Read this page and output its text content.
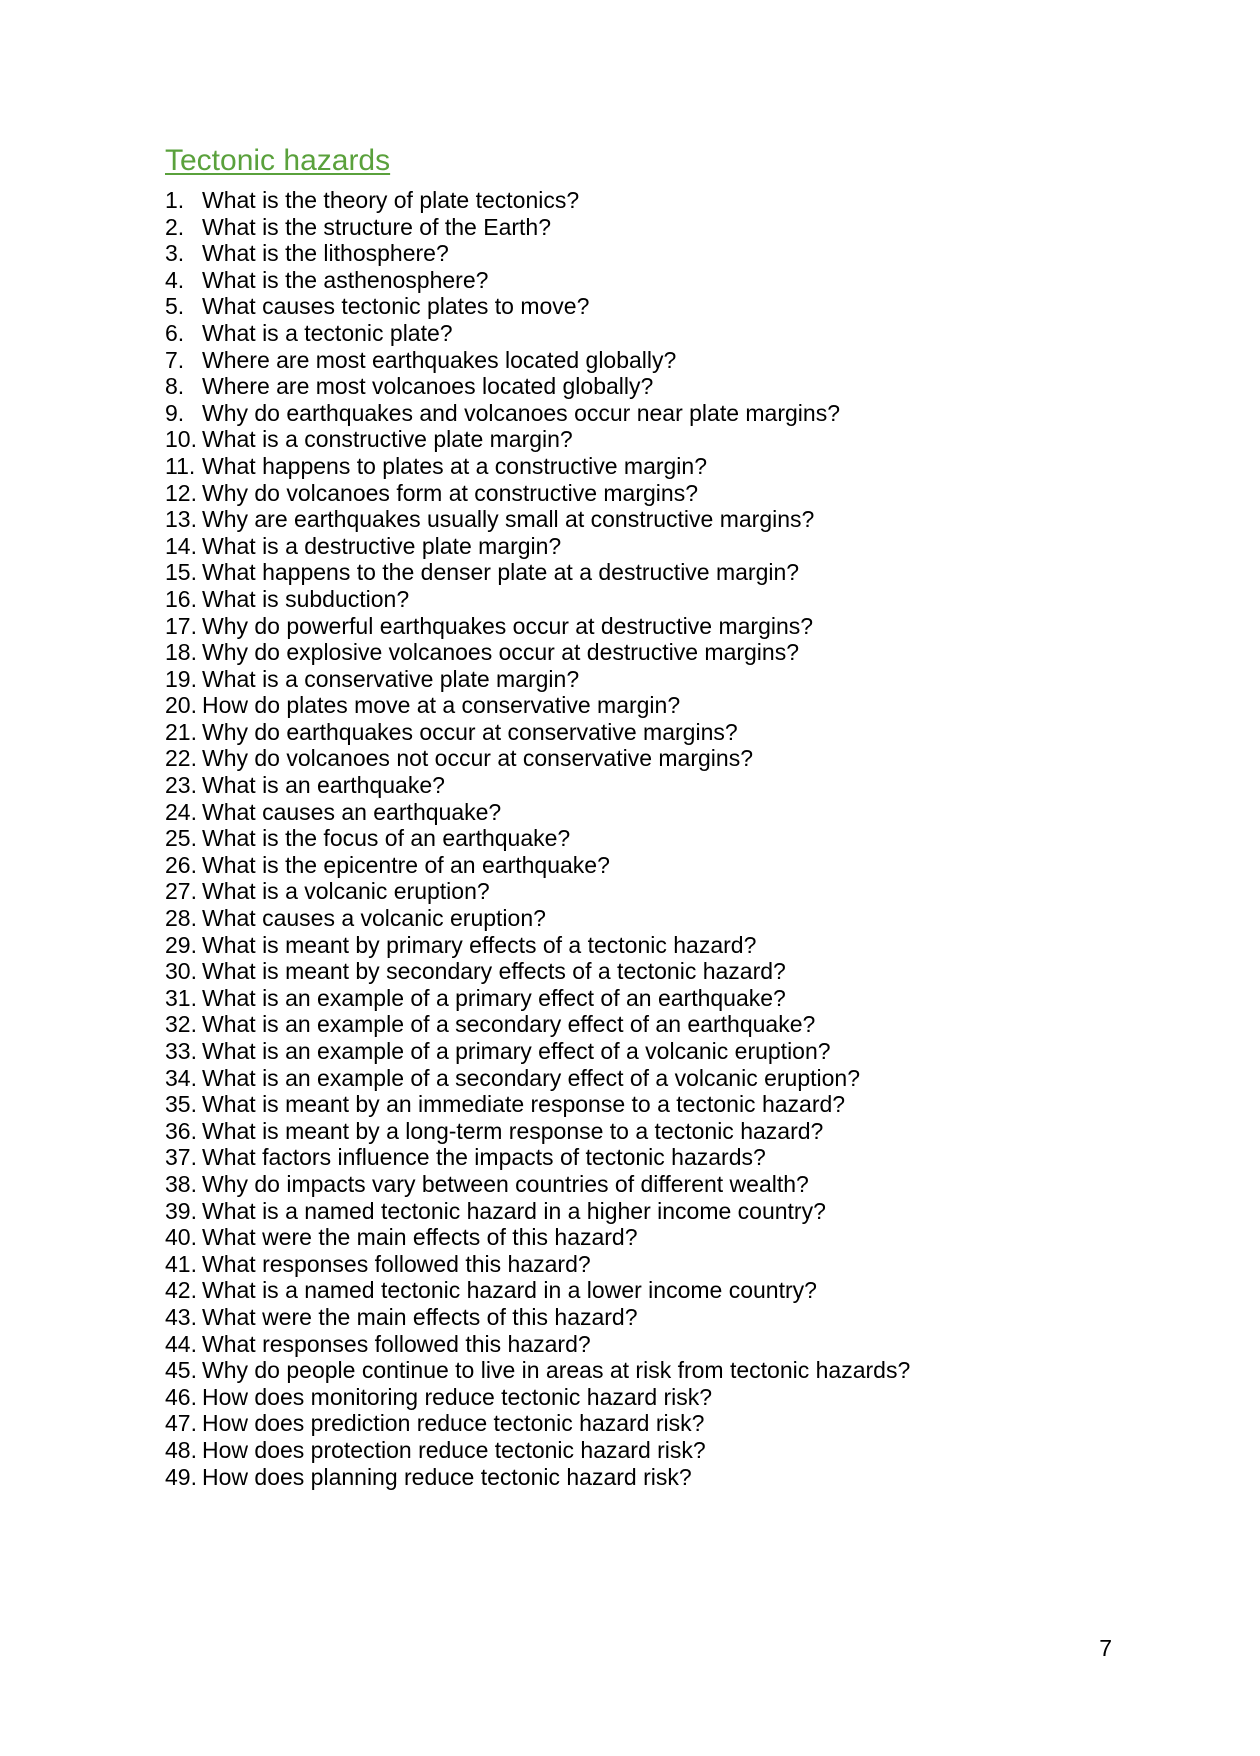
Tectonic hazards
1. What is the theory of plate tectonics?
2. What is the structure of the Earth?
3. What is the lithosphere?
4. What is the asthenosphere?
5. What causes tectonic plates to move?
6. What is a tectonic plate?
7. Where are most earthquakes located globally?
8. Where are most volcanoes located globally?
9. Why do earthquakes and volcanoes occur near plate margins?
10. What is a constructive plate margin?
11. What happens to plates at a constructive margin?
12. Why do volcanoes form at constructive margins?
13. Why are earthquakes usually small at constructive margins?
14. What is a destructive plate margin?
15. What happens to the denser plate at a destructive margin?
16. What is subduction?
17. Why do powerful earthquakes occur at destructive margins?
18. Why do explosive volcanoes occur at destructive margins?
19. What is a conservative plate margin?
20. How do plates move at a conservative margin?
21. Why do earthquakes occur at conservative margins?
22. Why do volcanoes not occur at conservative margins?
23. What is an earthquake?
24. What causes an earthquake?
25. What is the focus of an earthquake?
26. What is the epicentre of an earthquake?
27. What is a volcanic eruption?
28. What causes a volcanic eruption?
29. What is meant by primary effects of a tectonic hazard?
30. What is meant by secondary effects of a tectonic hazard?
31. What is an example of a primary effect of an earthquake?
32. What is an example of a secondary effect of an earthquake?
33. What is an example of a primary effect of a volcanic eruption?
34. What is an example of a secondary effect of a volcanic eruption?
35. What is meant by an immediate response to a tectonic hazard?
36. What is meant by a long-term response to a tectonic hazard?
37. What factors influence the impacts of tectonic hazards?
38. Why do impacts vary between countries of different wealth?
39. What is a named tectonic hazard in a higher income country?
40. What were the main effects of this hazard?
41. What responses followed this hazard?
42. What is a named tectonic hazard in a lower income country?
43. What were the main effects of this hazard?
44. What responses followed this hazard?
45. Why do people continue to live in areas at risk from tectonic hazards?
46. How does monitoring reduce tectonic hazard risk?
47. How does prediction reduce tectonic hazard risk?
48. How does protection reduce tectonic hazard risk?
49. How does planning reduce tectonic hazard risk?
7
